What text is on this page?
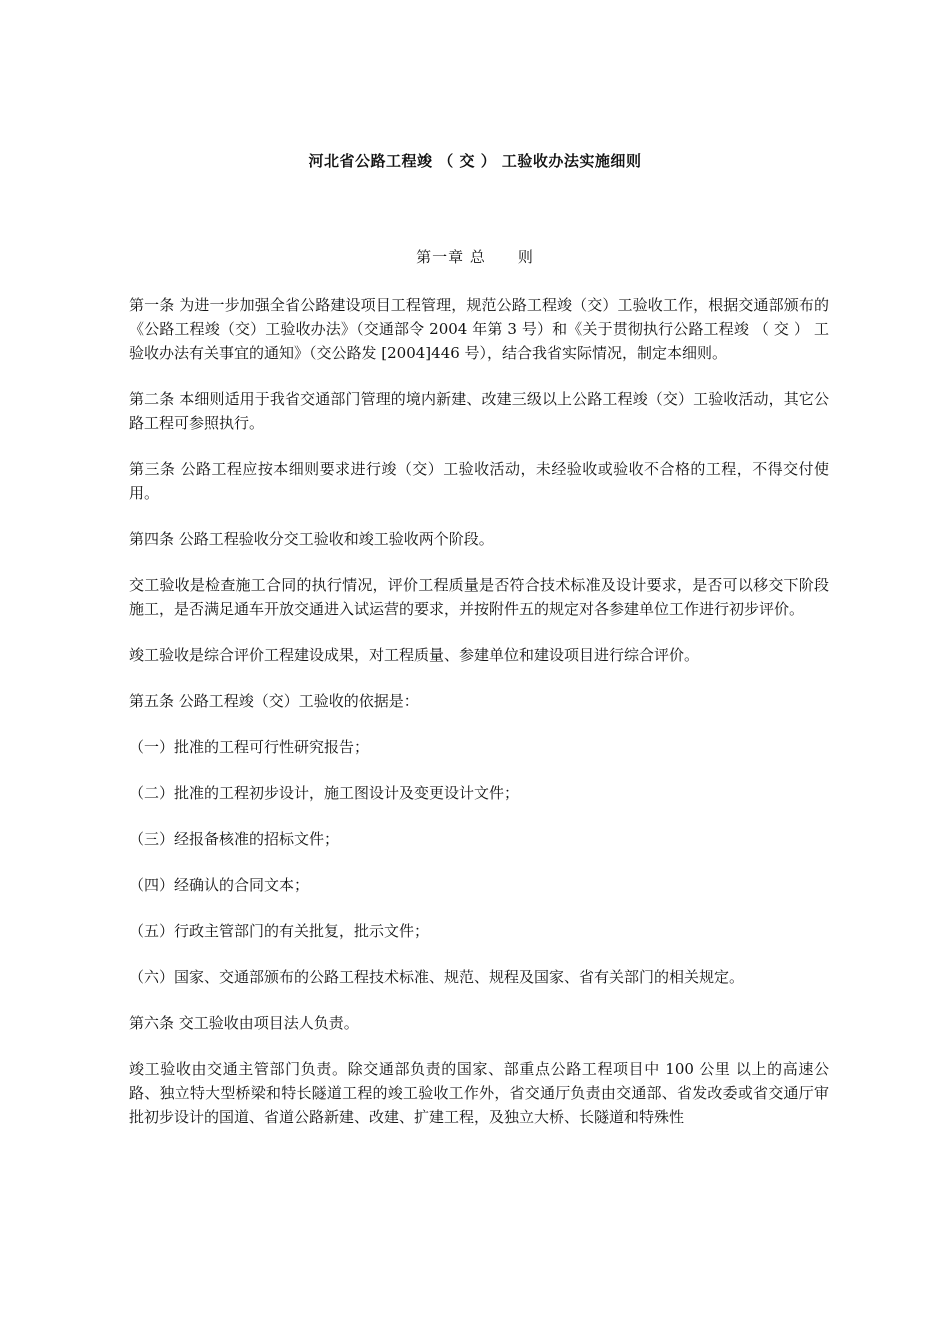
河北省公路工程竣 （ 交 ） 工验收办法实施细则
第一章 总　　则

第一条 为进一步加强全省公路建设项目工程管理，规范公路工程竣（交）工验收工作，根据交通部颁布的《公路工程竣（交）工验收办法》（交通部令 2004 年第 3 号）和《关于贯彻执行公路工程竣 （ 交 ） 工验收办法有关事宜的通知》（交公路发 [2004]446 号），结合我省实际情况，制定本细则。

第二条 本细则适用于我省交通部门管理的境内新建、改建三级以上公路工程竣（交）工验收活动，其它公路工程可参照执行。

第三条 公路工程应按本细则要求进行竣（交）工验收活动，未经验收或验收不合格的工程，不得交付使用。

第四条 公路工程验收分交工验收和竣工验收两个阶段。

交工验收是检查施工合同的执行情况，评价工程质量是否符合技术标准及设计要求，是否可以移交下阶段施工，是否满足通车开放交通进入试运营的要求，并按附件五的规定对各参建单位工作进行初步评价。

竣工验收是综合评价工程建设成果，对工程质量、参建单位和建设项目进行综合评价。

第五条 公路工程竣（交）工验收的依据是：

（一）批准的工程可行性研究报告；

（二）批准的工程初步设计，施工图设计及变更设计文件；

（三）经报备核准的招标文件；

（四）经确认的合同文本；

（五）行政主管部门的有关批复，批示文件；

（六）国家、交通部颁布的公路工程技术标准、规范、规程及国家、省有关部门的相关规定。

第六条 交工验收由项目法人负责。

竣工验收由交通主管部门负责。除交通部负责的国家、部重点公路工程项目中 100 公里 以上的高速公路、独立特大型桥梁和特长隧道工程的竣工验收工作外，省交通厅负责由交通部、省发改委或省交通厅审批初步设计的国道、省道公路新建、改建、扩建工程，及独立大桥、长隧道和特殊性
